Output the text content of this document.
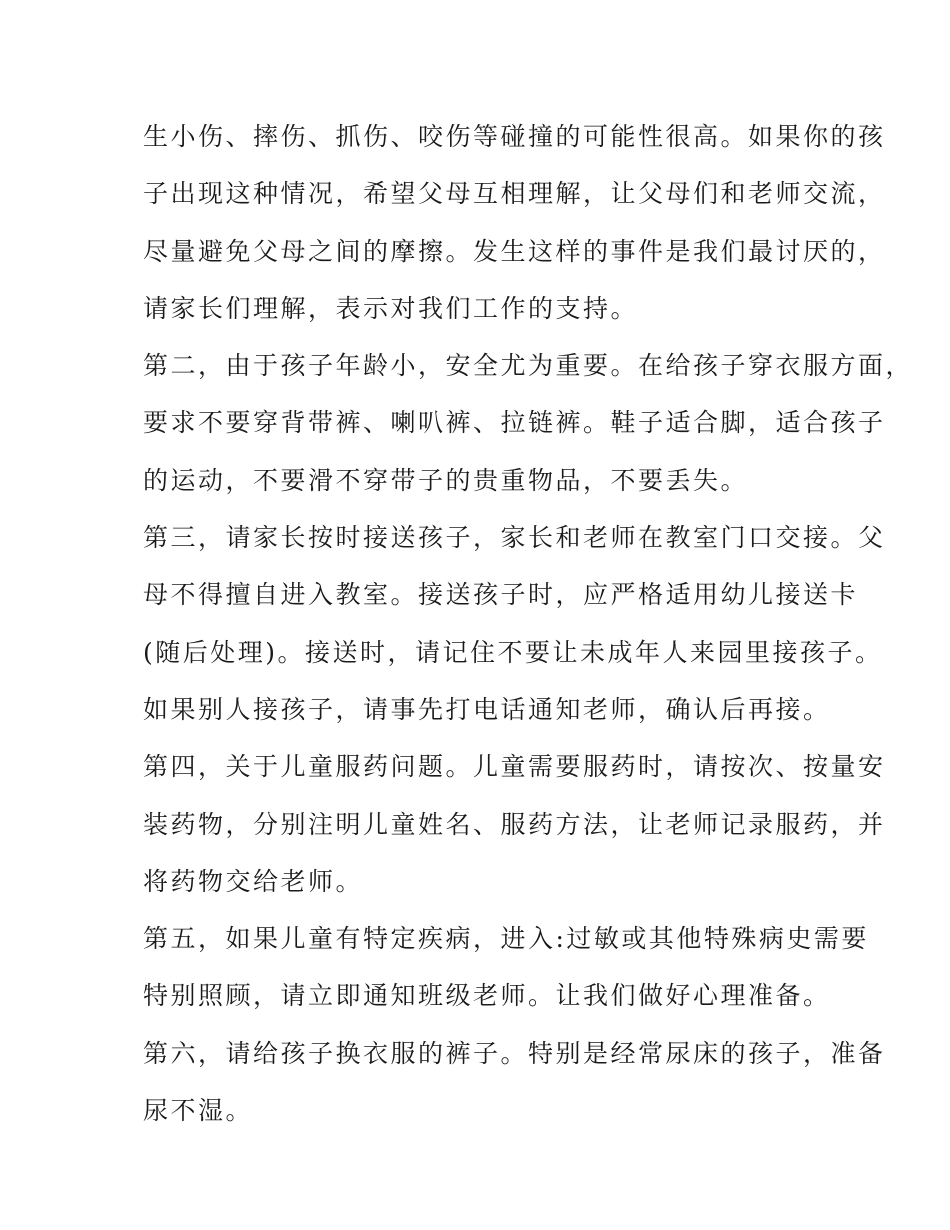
生小伤、摔伤、抓伤、咬伤等碰撞的可能性很高。如果你的孩
子出现这种情况，希望父母互相理解，让父母们和老师交流，
尽量避免父母之间的摩擦。发生这样的事件是我们最讨厌的，
请家长们理解，表示对我们工作的支持。
第二，由于孩子年龄小，安全尤为重要。在给孩子穿衣服方面，
要求不要穿背带裤、喇叭裤、拉链裤。鞋子适合脚，适合孩子
的运动，不要滑不穿带子的贵重物品，不要丢失。
第三，请家长按时接送孩子，家长和老师在教室门口交接。父
母不得擅自进入教室。接送孩子时，应严格适用幼儿接送卡
(随后处理)。接送时，请记住不要让未成年人来园里接孩子。
如果别人接孩子，请事先打电话通知老师，确认后再接。
第四，关于儿童服药问题。儿童需要服药时，请按次、按量安
装药物，分别注明儿童姓名、服药方法，让老师记录服药，并
将药物交给老师。
第五，如果儿童有特定疾病，进入:过敏或其他特殊病史需要
特别照顾，请立即通知班级老师。让我们做好心理准备。
第六，请给孩子换衣服的裤子。特别是经常尿床的孩子，准备
尿不湿。
